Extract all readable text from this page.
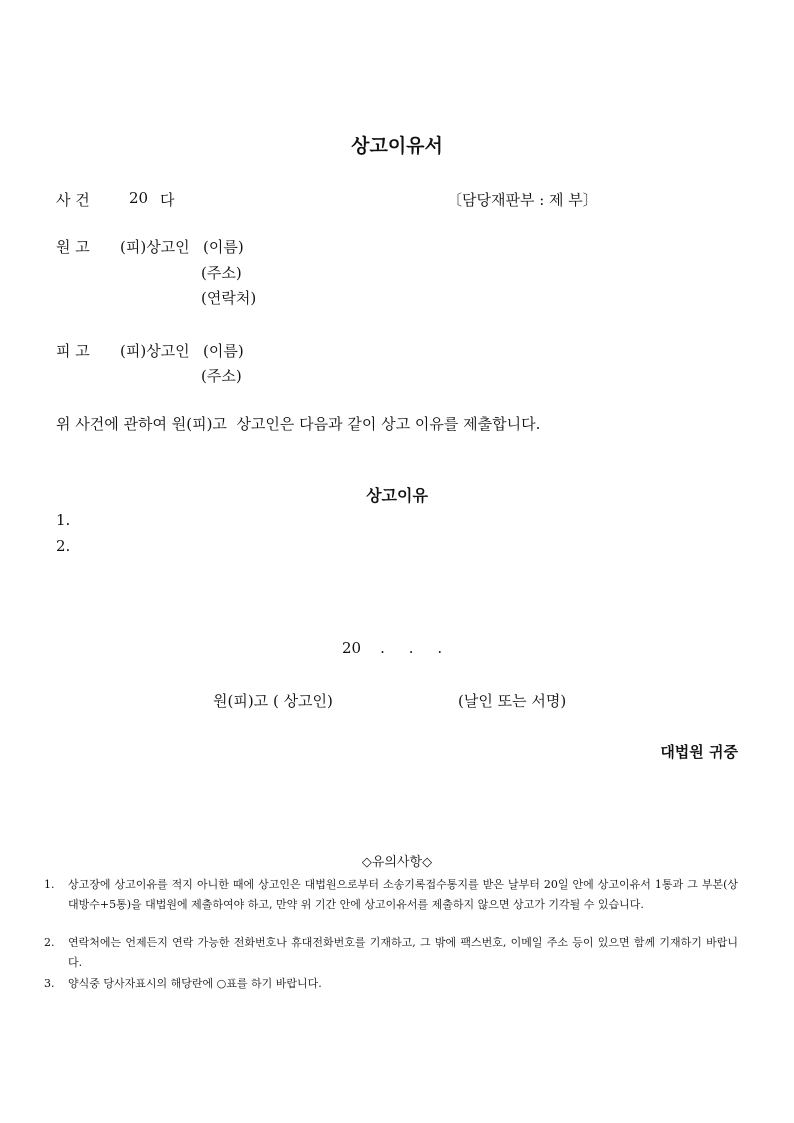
상고이유서
사 건	20 다	〔담당재판부 : 제 부〕
원 고 (피)상고인 (이름)
(주소)
(연락처)
피 고 (피)상고인 (이름)
(주소)
위 사건에 관하여 원(피)고  상고인은 다음과 같이 상고 이유를 제출합니다.
상고이유
1.
2.
20    .     .     .
원(피)고 ( 상고인)	(날인 또는 서명)
대법원 귀중
◇유의사항◇
1. 상고장에 상고이유를 적지 아니한 때에 상고인은 대법원으로부터 소송기록접수통지를 받은 날부터 20일 안에 상고이유서 1통과 그 부본(상대방수+5통)을 대법원에 제출하여야 하고, 만약 위 기간 안에 상고이유서를 제출하지 않으면 상고가 기각될 수 있습니다.
2. 연락처에는 언제든지 연락 가능한 전화번호나 휴대전화번호를 기재하고, 그 밖에 팩스번호, 이메일 주소 등이 있으면 함께 기재하기 바랍니다.
3. 양식중 당사자표시의 해당란에 ○표를 하기 바랍니다.
